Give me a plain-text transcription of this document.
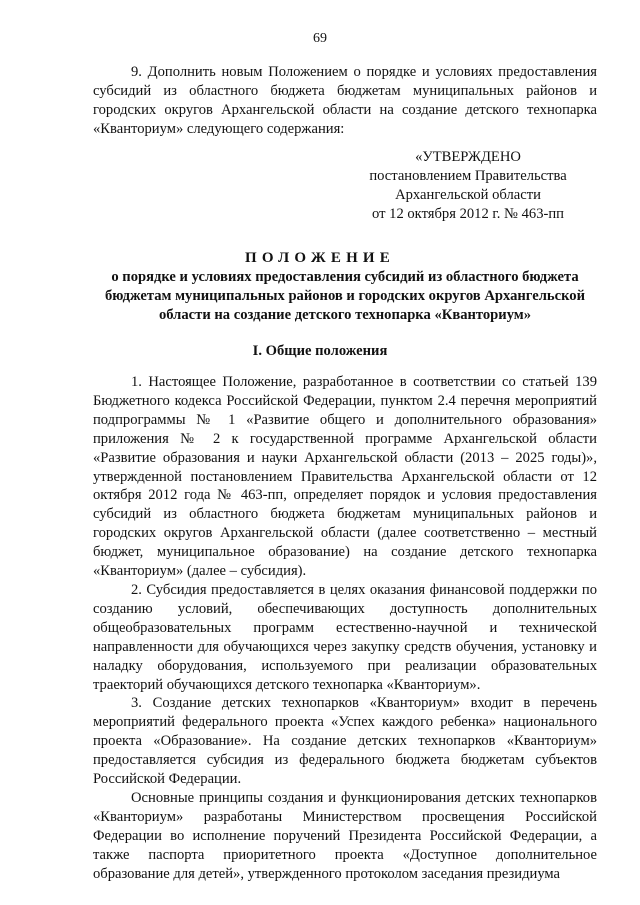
69

9. Дополнить новым Положением о порядке и условиях предоставления субсидий из областного бюджета бюджетам муниципальных районов и городских округов Архангельской области на создание детского технопарка «Кванториум» следующего содержания:

«УТВЕРЖДЕНО
постановлением Правительства
Архангельской области
от 12 октября 2012 г. № 463-пп
ПОЛОЖЕНИЕ
о порядке и условиях предоставления субсидий из областного бюджета бюджетам муниципальных районов и городских округов Архангельской области на создание детского технопарка «Кванториум»
I. Общие положения

1. Настоящее Положение, разработанное в соответствии со статьей 139 Бюджетного кодекса Российской Федерации, пунктом 2.4 перечня мероприятий подпрограммы № 1 «Развитие общего и дополнительного образования» приложения № 2 к государственной программе Архангельской области «Развитие образования и науки Архангельской области (2013 – 2025 годы)», утвержденной постановлением Правительства Архангельской области от 12 октября 2012 года № 463-пп, определяет порядок и условия предоставления субсидий из областного бюджета бюджетам муниципальных районов и городских округов Архангельской области (далее соответственно – местный бюджет, муниципальное образование) на создание детского технопарка «Кванториум» (далее – субсидия).

2. Субсидия предоставляется в целях оказания финансовой поддержки по созданию условий, обеспечивающих доступность дополнительных общеобразовательных программ естественно-научной и технической направленности для обучающихся через закупку средств обучения, установку и наладку оборудования, используемого при реализации образовательных траекторий обучающихся детского технопарка «Кванториум».

3. Создание детских технопарков «Кванториум» входит в перечень мероприятий федерального проекта «Успех каждого ребенка» национального проекта «Образование». На создание детских технопарков «Кванториум» предоставляется субсидия из федерального бюджета бюджетам субъектов Российской Федерации.

Основные принципы создания и функционирования детских технопарков «Кванториум» разработаны Министерством просвещения Российской Федерации во исполнение поручений Президента Российской Федерации, а также паспорта приоритетного проекта «Доступное дополнительное образование для детей», утвержденного протоколом заседания президиума
